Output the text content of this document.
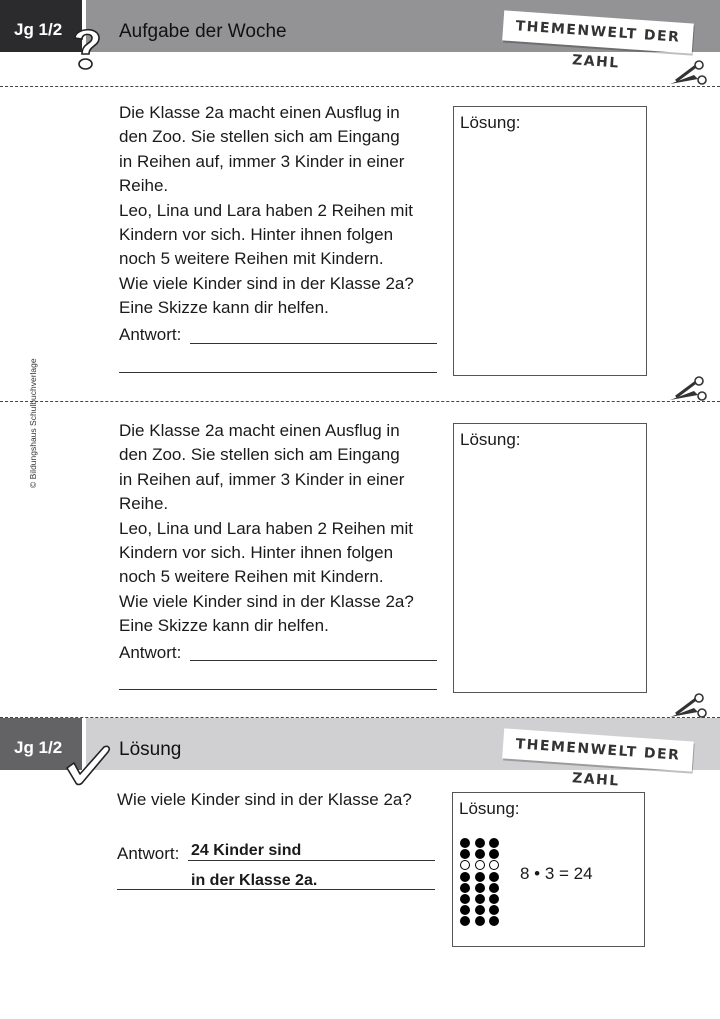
Jg 1/2	Aufgabe der Woche	THEMENWELT DER ZAHL

Die Klasse 2a macht einen Ausflug in

den Zoo. Sie stellen sich am Eingang

in Reihen auf, immer 3 Kinder in einer

Reihe.

Leo, Lina und Lara haben 2 Reihen mit

Kindern vor sich. Hinter ihnen folgen

noch 5 weitere Reihen mit Kindern.

Wie viele Kinder sind in der Klasse 2a?

Eine Skizze kann dir helfen.

Antwort:
Lösung:
© Bildungshaus Schulbuchverlage	Die Klasse 2a macht einen Ausflug in

den Zoo. Sie stellen sich am Eingang

in Reihen auf, immer 3 Kinder in einer

Reihe.

Leo, Lina und Lara haben 2 Reihen mit

Kindern vor sich. Hinter ihnen folgen

noch 5 weitere Reihen mit Kindern.

Wie viele Kinder sind in der Klasse 2a?

Eine Skizze kann dir helfen.

Antwort:
Lösung:
Jg 1/2	Lösung	THEMENWELT DER ZAHL
Wie viele Kinder sind in der Klasse 2a?
Antwort: 24 Kinder sind
in der Klasse 2a.
Lösung:
8 • 3 = 24
